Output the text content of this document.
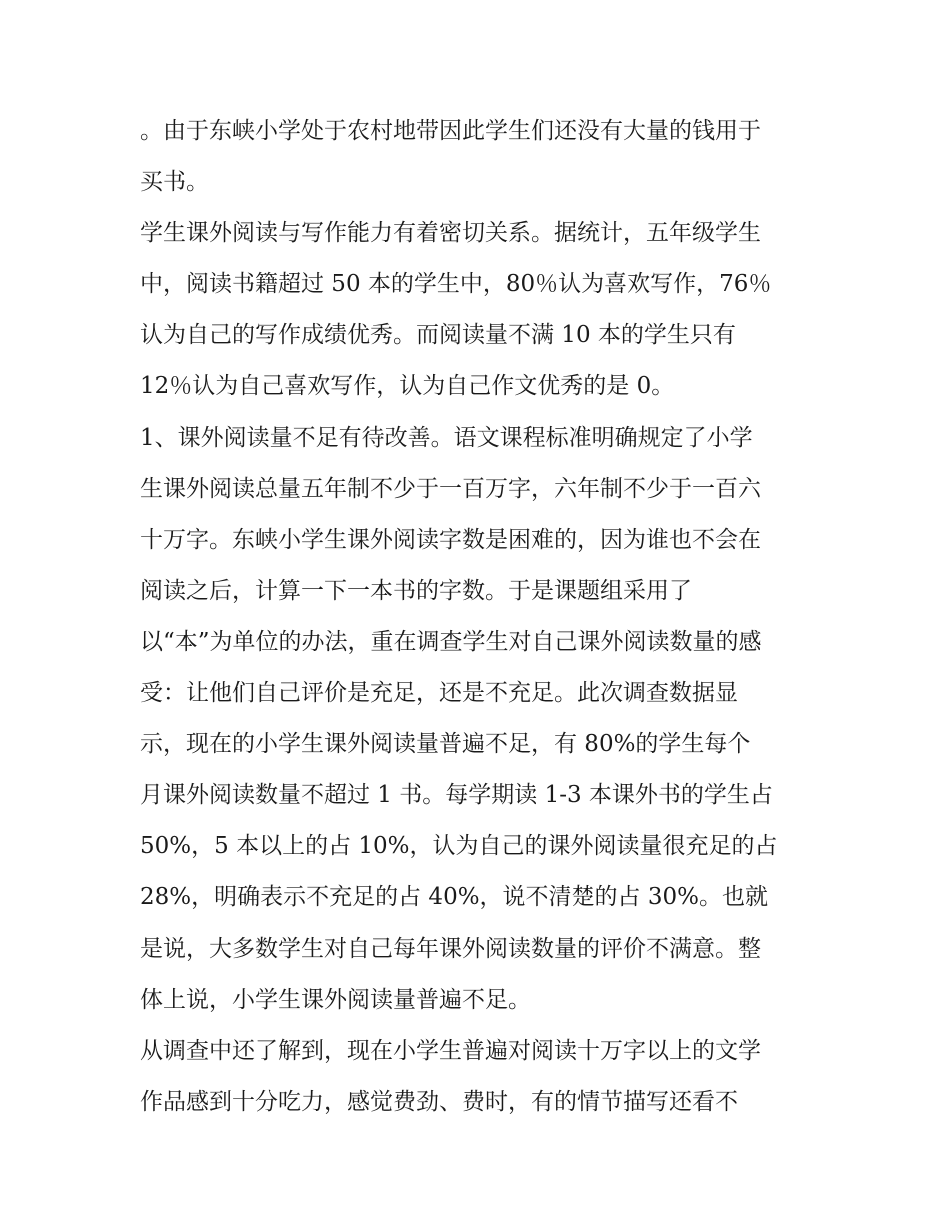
。由于东峡小学处于农村地带因此学生们还没有大量的钱用于
买书。
学生课外阅读与写作能力有着密切关系。据统计，五年级学生
中，阅读书籍超过 50 本的学生中，80％认为喜欢写作，76％
认为自己的写作成绩优秀。而阅读量不满 10 本的学生只有
12％认为自己喜欢写作，认为自己作文优秀的是 0。
1、课外阅读量不足有待改善。语文课程标准明确规定了小学
生课外阅读总量五年制不少于一百万字，六年制不少于一百六
十万字。东峡小学生课外阅读字数是困难的，因为谁也不会在
阅读之后，计算一下一本书的字数。于是课题组采用了
以“本”为单位的办法，重在调查学生对自己课外阅读数量的感
受：让他们自己评价是充足，还是不充足。此次调查数据显
示，现在的小学生课外阅读量普遍不足，有 80%的学生每个
月课外阅读数量不超过 1 书。每学期读 1-3 本课外书的学生占
50%，5 本以上的占 10%，认为自己的课外阅读量很充足的占
28%，明确表示不充足的占 40%，说不清楚的占 30%。也就
是说，大多数学生对自己每年课外阅读数量的评价不满意。整
体上说，小学生课外阅读量普遍不足。
从调查中还了解到，现在小学生普遍对阅读十万字以上的文学
作品感到十分吃力，感觉费劲、费时，有的情节描写还看不
